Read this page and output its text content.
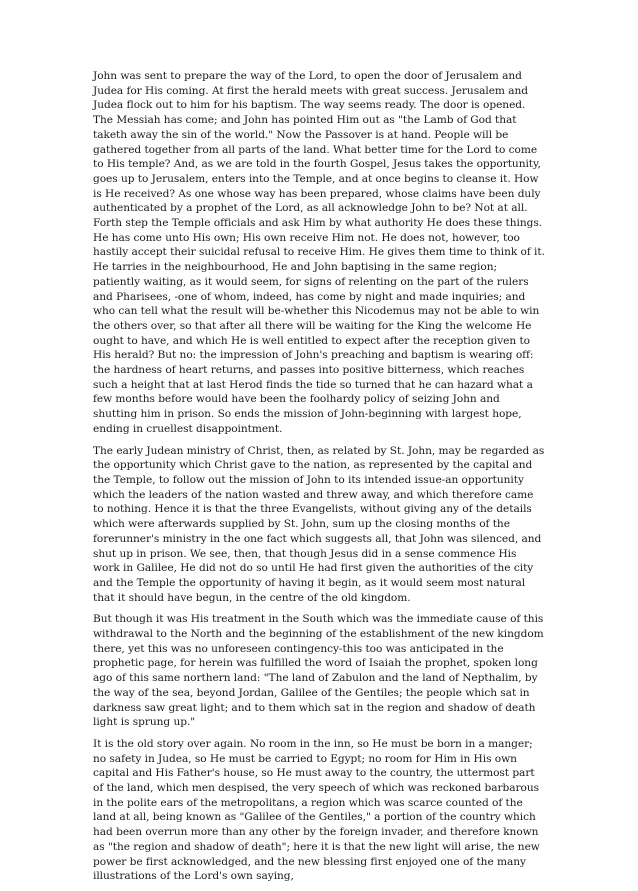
John was sent to prepare the way of the Lord, to open the door of Jerusalem and Judea for His coming. At first the herald meets with great success. Jerusalem and Judea flock out to him for his baptism. The way seems ready. The door is opened. The Messiah has come; and John has pointed Him out as "the Lamb of God that taketh away the sin of the world." Now the Passover is at hand. People will be gathered together from all parts of the land. What better time for the Lord to come to His temple? And, as we are told in the fourth Gospel, Jesus takes the opportunity, goes up to Jerusalem, enters into the Temple, and at once begins to cleanse it. How is He received? As one whose way has been prepared, whose claims have been duly authenticated by a prophet of the Lord, as all acknowledge John to be? Not at all. Forth step the Temple officials and ask Him by what authority He does these things. He has come unto His own; His own receive Him not. He does not, however, too hastily accept their suicidal refusal to receive Him. He gives them time to think of it. He tarries in the neighbourhood, He and John baptising in the same region; patiently waiting, as it would seem, for signs of relenting on the part of the rulers and Pharisees, -one of whom, indeed, has come by night and made inquiries; and who can tell what the result will be-whether this Nicodemus may not be able to win the others over, so that after all there will be waiting for the King the welcome He ought to have, and which He is well entitled to expect after the reception given to His herald? But no: the impression of John's preaching and baptism is wearing off: the hardness of heart returns, and passes into positive bitterness, which reaches such a height that at last Herod finds the tide so turned that he can hazard what a few months before would have been the foolhardy policy of seizing John and shutting him in prison. So ends the mission of John-beginning with largest hope, ending in cruellest disappointment.

The early Judean ministry of Christ, then, as related by St. John, may be regarded as the opportunity which Christ gave to the nation, as represented by the capital and the Temple, to follow out the mission of John to its intended issue-an opportunity which the leaders of the nation wasted and threw away, and which therefore came to nothing. Hence it is that the three Evangelists, without giving any of the details which were afterwards supplied by St. John, sum up the closing months of the forerunner's ministry in the one fact which suggests all, that John was silenced, and shut up in prison. We see, then, that though Jesus did in a sense commence His work in Galilee, He did not do so until He had first given the authorities of the city and the Temple the opportunity of having it begin, as it would seem most natural that it should have begun, in the centre of the old kingdom.

But though it was His treatment in the South which was the immediate cause of this withdrawal to the North and the beginning of the establishment of the new kingdom there, yet this was no unforeseen contingency-this too was anticipated in the prophetic page, for herein was fulfilled the word of Isaiah the prophet, spoken long ago of this same northern land: "The land of Zabulon and the land of Nepthalim, by the way of the sea, beyond Jordan, Galilee of the Gentiles; the people which sat in darkness saw great light; and to them which sat in the region and shadow of death light is sprung up."

It is the old story over again. No room in the inn, so He must be born in a manger; no safety in Judea, so He must be carried to Egypt; no room for Him in His own capital and His Father's house, so He must away to the country, the uttermost part of the land, which men despised, the very speech of which was reckoned barbarous in the polite ears of the metropolitans, a region which was scarce counted of the land at all, being known as "Galilee of the Gentiles," a portion of the country which had been overrun more than any other by the foreign invader, and therefore known as "the region and shadow of death"; here it is that the new light will arise, the new power be first acknowledged, and the new blessing first enjoyed one of the many illustrations of the Lord's own saying,
